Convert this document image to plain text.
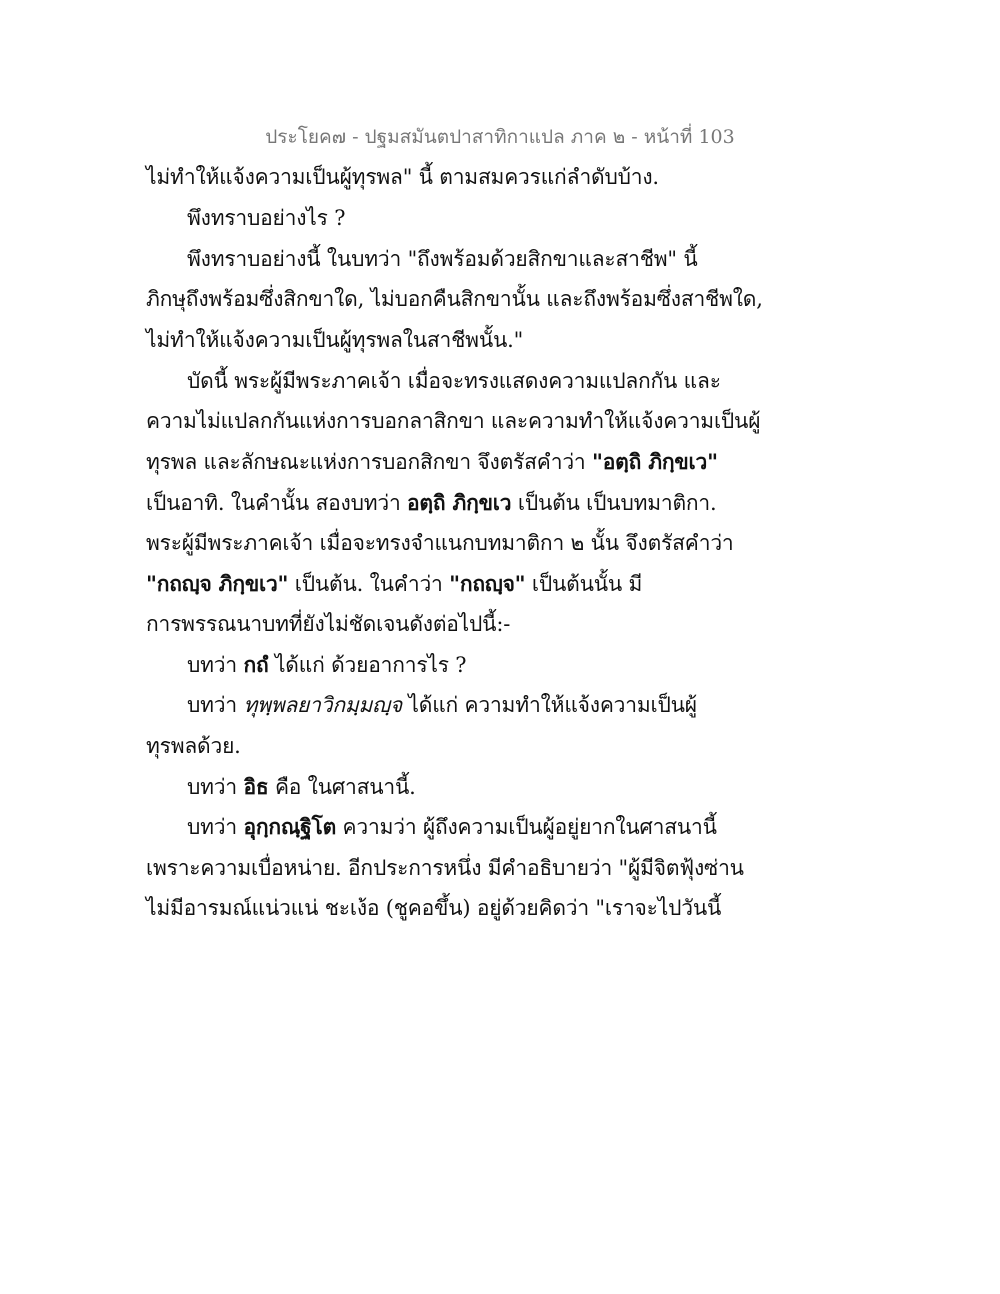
ประโยค๗ - ปฐมสมันตปาสาทิกาแปล ภาค ๒ - หน้าที่ 103
ไม่ทำให้แจ้งความเป็นผู้ทุรพล" นี้ ตามสมควรแก่ลำดับบ้าง.
พึงทราบอย่างไร ?
พึงทราบอย่างนี้ ในบทว่า "ถึงพร้อมด้วยสิกขาและสาชีพ" นี้
ภิกษุถึงพร้อมซึ่งสิกขาใด, ไม่บอกคืนสิกขานั้น และถึงพร้อมซึ่งสาชีพใด,
ไม่ทำให้แจ้งความเป็นผู้ทุรพลในสาชีพนั้น."
บัดนี้ พระผู้มีพระภาคเจ้า เมื่อจะทรงแสดงความแปลกกัน และ
ความไม่แปลกกันแห่งการบอกลาสิกขา และความทำให้แจ้งความเป็นผู้
ทุรพล และลักษณะแห่งการบอกสิกขา จึงตรัสคำว่า "อตฺถิ ภิกฺขเว"
เป็นอาทิ. ในคำนั้น สองบทว่า อตฺถิ ภิกฺขเว เป็นต้น เป็นบทมาติกา.
พระผู้มีพระภาคเจ้า เมื่อจะทรงจำแนกบทมาติกา ๒ นั้น จึงตรัสคำว่า
"กถญฺจ ภิกฺขเว" เป็นต้น. ในคำว่า "กถญฺจ" เป็นต้นนั้น มี
การพรรณนาบทที่ยังไม่ชัดเจนดังต่อไปนี้:-
บทว่า กถํ ได้แก่ ด้วยอาการไร ?
บทว่า ทุพฺพลยาวิกมฺมญฺจ ได้แก่ ความทำให้แจ้งความเป็นผู้
ทุรพลด้วย.
บทว่า อิธ คือ ในศาสนานี้.
บทว่า อุกฺกณฺฐิโต ความว่า ผู้ถึงความเป็นผู้อยู่ยากในศาสนานี้
เพราะความเบื่อหน่าย. อีกประการหนึ่ง มีคำอธิบายว่า "ผู้มีจิตฟุ้งซ่าน
ไม่มีอารมณ์แน่วแน่ ชะเง้อ (ชูคอขึ้น) อยู่ด้วยคิดว่า "เราจะไปวันนี้
